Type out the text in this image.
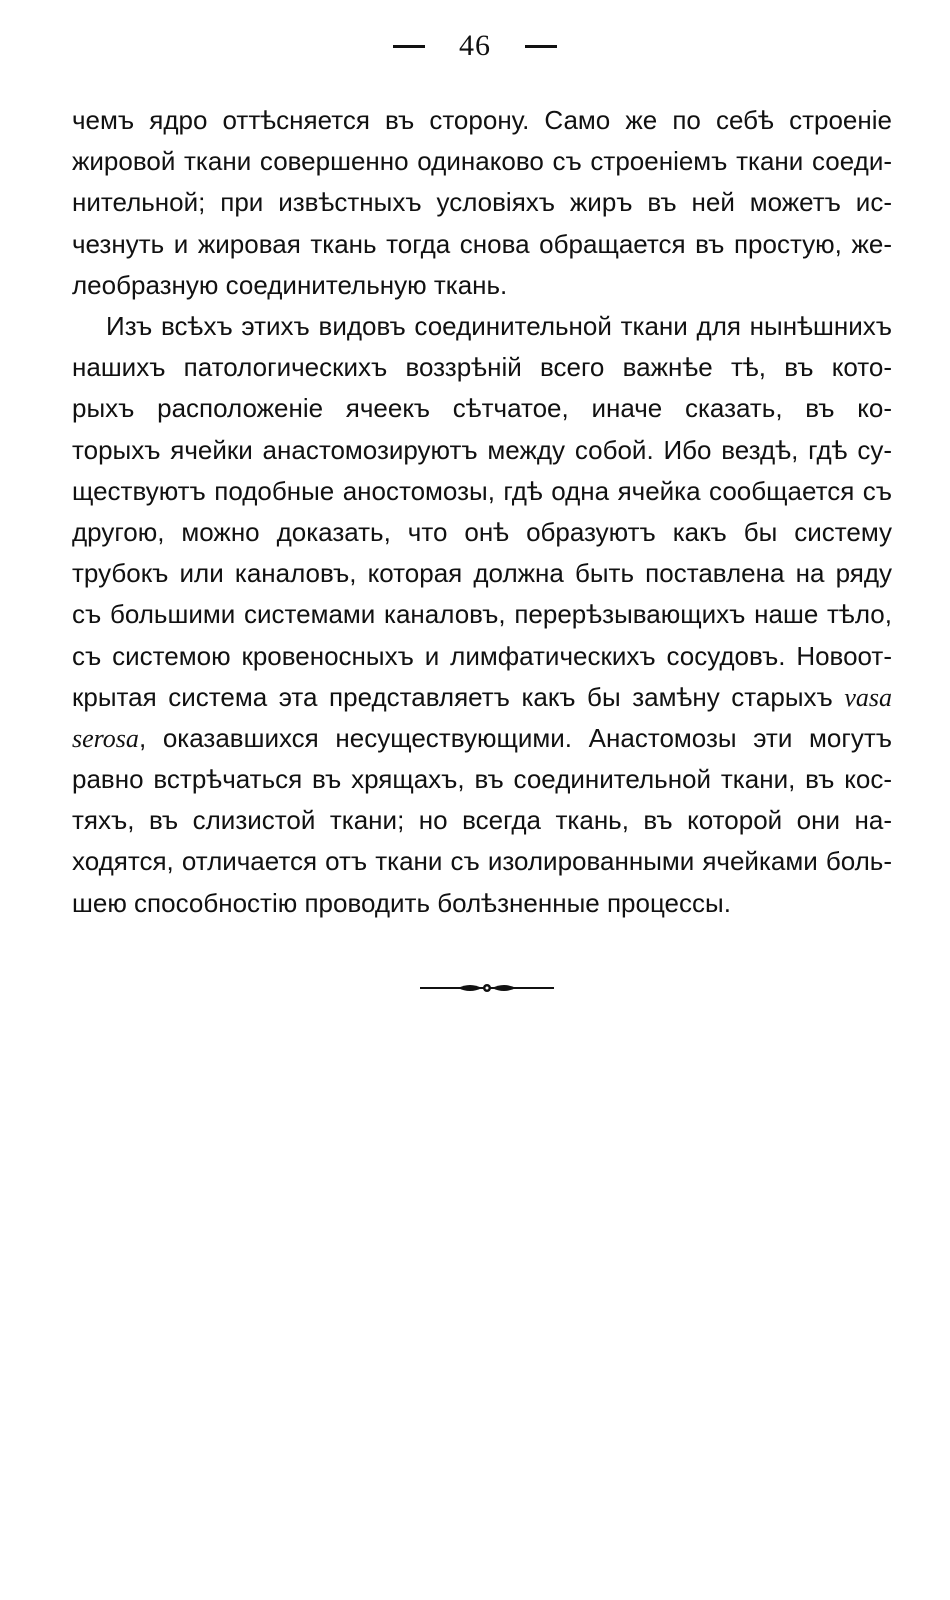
46
чемъ ядро оттѣсняется въ сторону. Само же по себѣ строеніе
жировой ткани совершенно одинаково съ строеніемъ ткани соеди-
нительной; при извѣстныхъ условіяхъ жиръ въ ней можетъ ис-
чезнуть и жировая ткань тогда снова обращается въ простую, же-
леобразную соединительную ткань.
Изъ всѣхъ этихъ видовъ соединительной ткани для нынѣшнихъ
нашихъ патологическихъ воззрѣній всего важнѣе тѣ, въ кото-
рыхъ расположеніе ячеекъ сѣтчатое, иначе сказать, въ ко-
торыхъ ячейки анастомозируютъ между собой. Ибо вездѣ, гдѣ су-
ществуютъ подобные аностомозы, гдѣ одна ячейка сообщается съ
другою, можно доказать, что онѣ образуютъ какъ бы систему
трубокъ или каналовъ, которая должна быть поставлена на ряду
съ большими системами каналовъ, перерѣзывающихъ наше тѣло,
съ системою кровеносныхъ и лимфатическихъ сосудовъ. Новоот-
крытая система эта представляетъ какъ бы замѣну старыхъ vasa
serosa, оказавшихся несуществующими. Анастомозы эти могутъ
равно встрѣчаться въ хрящахъ, въ соединительной ткани, въ кос-
тяхъ, въ слизистой ткани; но всегда ткань, въ которой они на-
ходятся, отличается отъ ткани съ изолированными ячейками боль-
шею способностію проводить болѣзненные процессы.
